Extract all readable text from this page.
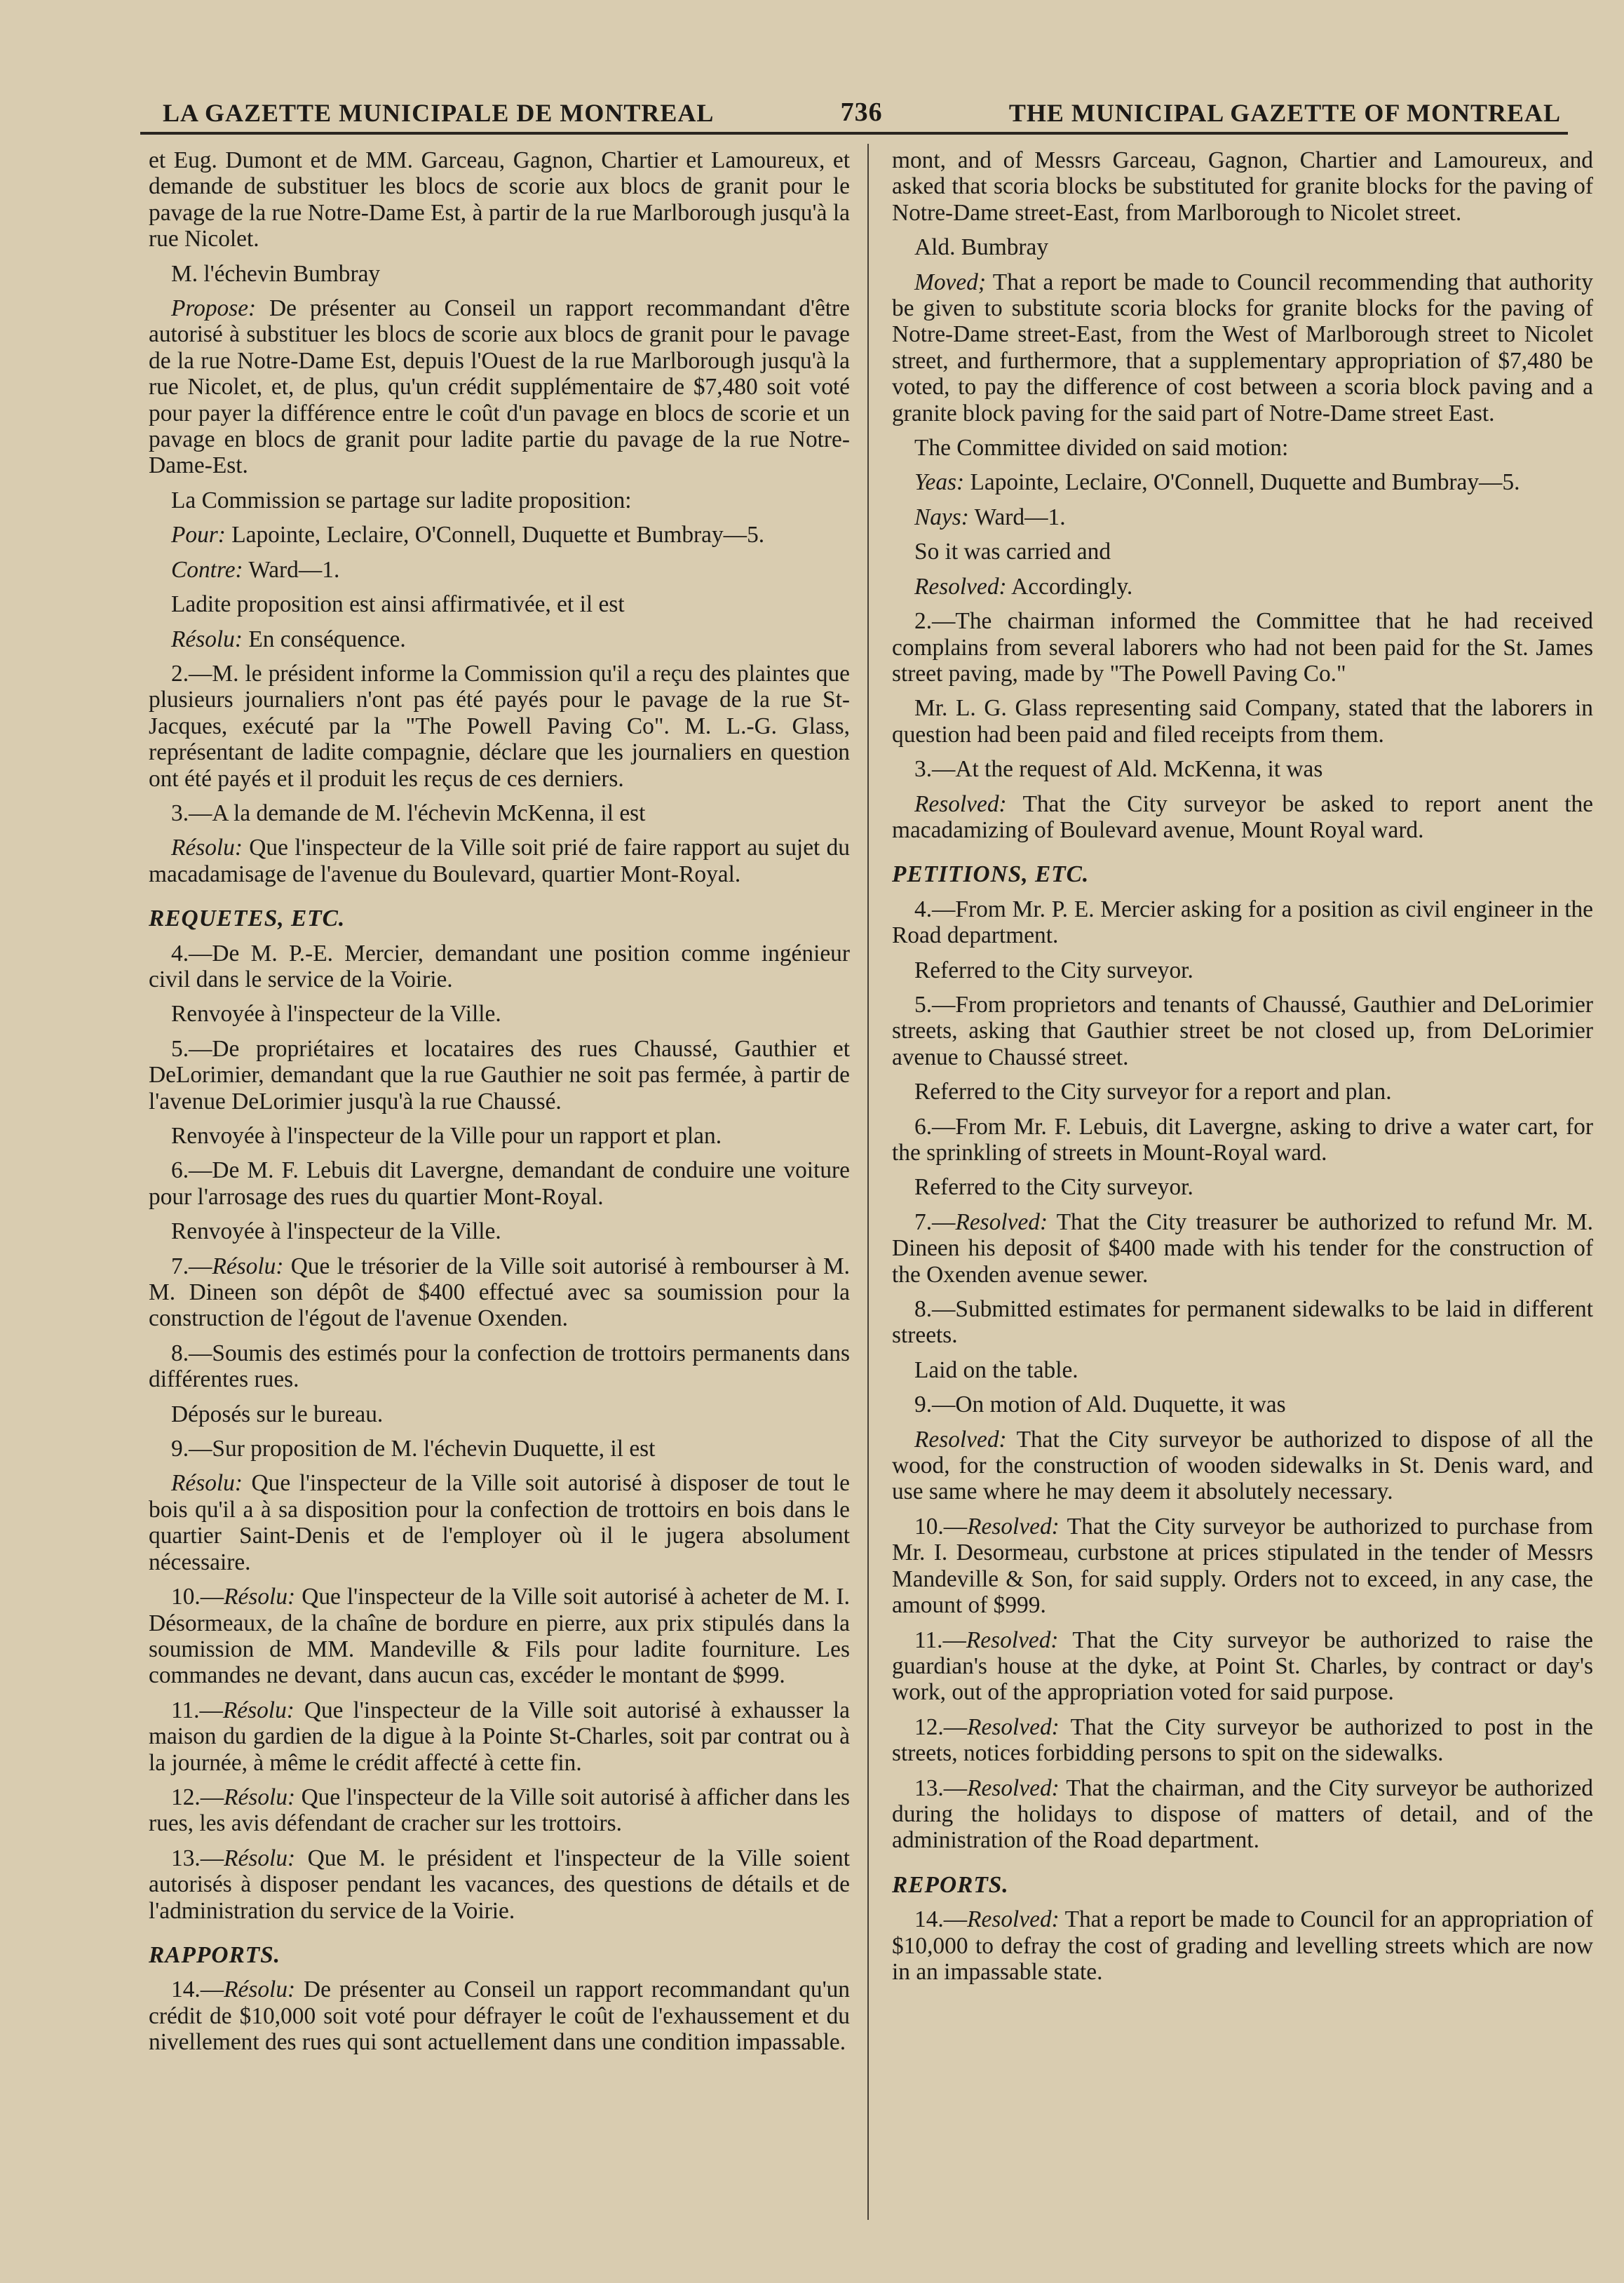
LA GAZETTE MUNICIPALE DE MONTREAL	736	THE MUNICIPAL GAZETTE OF MONTREAL

et Eug. Dumont et de MM. Garceau, Gagnon, Chartier et Lamoureux, et demande de substituer les blocs de scorie aux blocs de granit pour le pavage de la rue Notre-Dame Est, à partir de la rue Marlborough jusqu'à la rue Nicolet.

M. l'échevin Bumbray

Propose: De présenter au Conseil un rapport recommandant d'être autorisé à substituer les blocs de scorie aux blocs de granit pour le pavage de la rue Notre-Dame Est, depuis l'Ouest de la rue Marlborough jusqu'à la rue Nicolet, et, de plus, qu'un crédit supplémentaire de $7,480 soit voté pour payer la différence entre le coût d'un pavage en blocs de scorie et un pavage en blocs de granit pour ladite partie du pavage de la rue Notre-Dame-Est.

La Commission se partage sur ladite proposition:

Pour: Lapointe, Leclaire, O'Connell, Duquette et Bumbray—5.

Contre: Ward—1.

Ladite proposition est ainsi affirmativée, et il est

Résolu: En conséquence.

2.—M. le président informe la Commission qu'il a reçu des plaintes que plusieurs journaliers n'ont pas été payés pour le pavage de la rue St-Jacques, exécuté par la "The Powell Paving Co". M. L.-G. Glass, représentant de ladite compagnie, déclare que les journaliers en question ont été payés et il produit les reçus de ces derniers.

3.—A la demande de M. l'échevin McKenna, il est

Résolu: Que l'inspecteur de la Ville soit prié de faire rapport au sujet du macadamisage de l'avenue du Boulevard, quartier Mont-Royal.

REQUETES, ETC.

4.—De M. P.-E. Mercier, demandant une position comme ingénieur civil dans le service de la Voirie.

Renvoyée à l'inspecteur de la Ville.

5.—De propriétaires et locataires des rues Chaussé, Gauthier et DeLorimier, demandant que la rue Gauthier ne soit pas fermée, à partir de l'avenue DeLorimier jusqu'à la rue Chaussé.

Renvoyée à l'inspecteur de la Ville pour un rapport et plan.

6.—De M. F. Lebuis dit Lavergne, demandant de conduire une voiture pour l'arrosage des rues du quartier Mont-Royal.

Renvoyée à l'inspecteur de la Ville.

7.—Résolu: Que le trésorier de la Ville soit autorisé à rembourser à M. M. Dineen son dépôt de $400 effectué avec sa soumission pour la construction de l'égout de l'avenue Oxenden.

8.—Soumis des estimés pour la confection de trottoirs permanents dans différentes rues.

Déposés sur le bureau.

9.—Sur proposition de M. l'échevin Duquette, il est

Résolu: Que l'inspecteur de la Ville soit autorisé à disposer de tout le bois qu'il a à sa disposition pour la confection de trottoirs en bois dans le quartier Saint-Denis et de l'employer où il le jugera absolument nécessaire.

10.—Résolu: Que l'inspecteur de la Ville soit autorisé à acheter de M. I. Désormeaux, de la chaîne de bordure en pierre, aux prix stipulés dans la soumission de MM. Mandeville & Fils pour ladite fourniture. Les commandes ne devant, dans aucun cas, excéder le montant de $999.

11.—Résolu: Que l'inspecteur de la Ville soit autorisé à exhausser la maison du gardien de la digue à la Pointe St-Charles, soit par contrat ou à la journée, à même le crédit affecté à cette fin.

12.—Résolu: Que l'inspecteur de la Ville soit autorisé à afficher dans les rues, les avis défendant de cracher sur les trottoirs.

13.—Résolu: Que M. le président et l'inspecteur de la Ville soient autorisés à disposer pendant les vacances, des questions de détails et de l'administration du service de la Voirie.

RAPPORTS.

14.—Résolu: De présenter au Conseil un rapport recommandant qu'un crédit de $10,000 soit voté pour défrayer le coût de l'exhaussement et du nivellement des rues qui sont actuellement dans une condition impassable.

mont, and of Messrs Garceau, Gagnon, Chartier and Lamoureux, and asked that scoria blocks be substituted for granite blocks for the paving of Notre-Dame street-East, from Marlborough to Nicolet street.

Ald. Bumbray

Moved; That a report be made to Council recommending that authority be given to substitute scoria blocks for granite blocks for the paving of Notre-Dame street-East, from the West of Marlborough street to Nicolet street, and furthermore, that a supplementary appropriation of $7,480 be voted, to pay the difference of cost between a scoria block paving and a granite block paving for the said part of Notre-Dame street East.

The Committee divided on said motion:

Yeas: Lapointe, Leclaire, O'Connell, Duquette and Bumbray—5.

Nays: Ward—1.

So it was carried and

Resolved: Accordingly.

2.—The chairman informed the Committee that he had received complains from several laborers who had not been paid for the St. James street paving, made by "The Powell Paving Co."

Mr. L. G. Glass representing said Company, stated that the laborers in question had been paid and filed receipts from them.

3.—At the request of Ald. McKenna, it was

Resolved: That the City surveyor be asked to report anent the macadamizing of Boulevard avenue, Mount Royal ward.

PETITIONS, ETC.

4.—From Mr. P. E. Mercier asking for a position as civil engineer in the Road department.

Referred to the City surveyor.

5.—From proprietors and tenants of Chaussé, Gauthier and DeLorimier streets, asking that Gauthier street be not closed up, from DeLorimier avenue to Chaussé street.

Referred to the City surveyor for a report and plan.

6.—From Mr. F. Lebuis, dit Lavergne, asking to drive a water cart, for the sprinkling of streets in Mount-Royal ward.

Referred to the City surveyor.

7.—Resolved: That the City treasurer be authorized to refund Mr. M. Dineen his deposit of $400 made with his tender for the construction of the Oxenden avenue sewer.

8.—Submitted estimates for permanent sidewalks to be laid in different streets.

Laid on the table.

9.—On motion of Ald. Duquette, it was

Resolved: That the City surveyor be authorized to dispose of all the wood, for the construction of wooden sidewalks in St. Denis ward, and use same where he may deem it absolutely necessary.

10.—Resolved: That the City surveyor be authorized to purchase from Mr. I. Desormeau, curbstone at prices stipulated in the tender of Messrs Mandeville & Son, for said supply. Orders not to exceed, in any case, the amount of $999.

11.—Resolved: That the City surveyor be authorized to raise the guardian's house at the dyke, at Point St. Charles, by contract or day's work, out of the appropriation voted for said purpose.

12.—Resolved: That the City surveyor be authorized to post in the streets, notices forbidding persons to spit on the sidewalks.

13.—Resolved: That the chairman, and the City surveyor be authorized during the holidays to dispose of matters of detail, and of the administration of the Road department.

REPORTS.

14.—Resolved: That a report be made to Council for an appropriation of $10,000 to defray the cost of grading and levelling streets which are now in an impassable state.
